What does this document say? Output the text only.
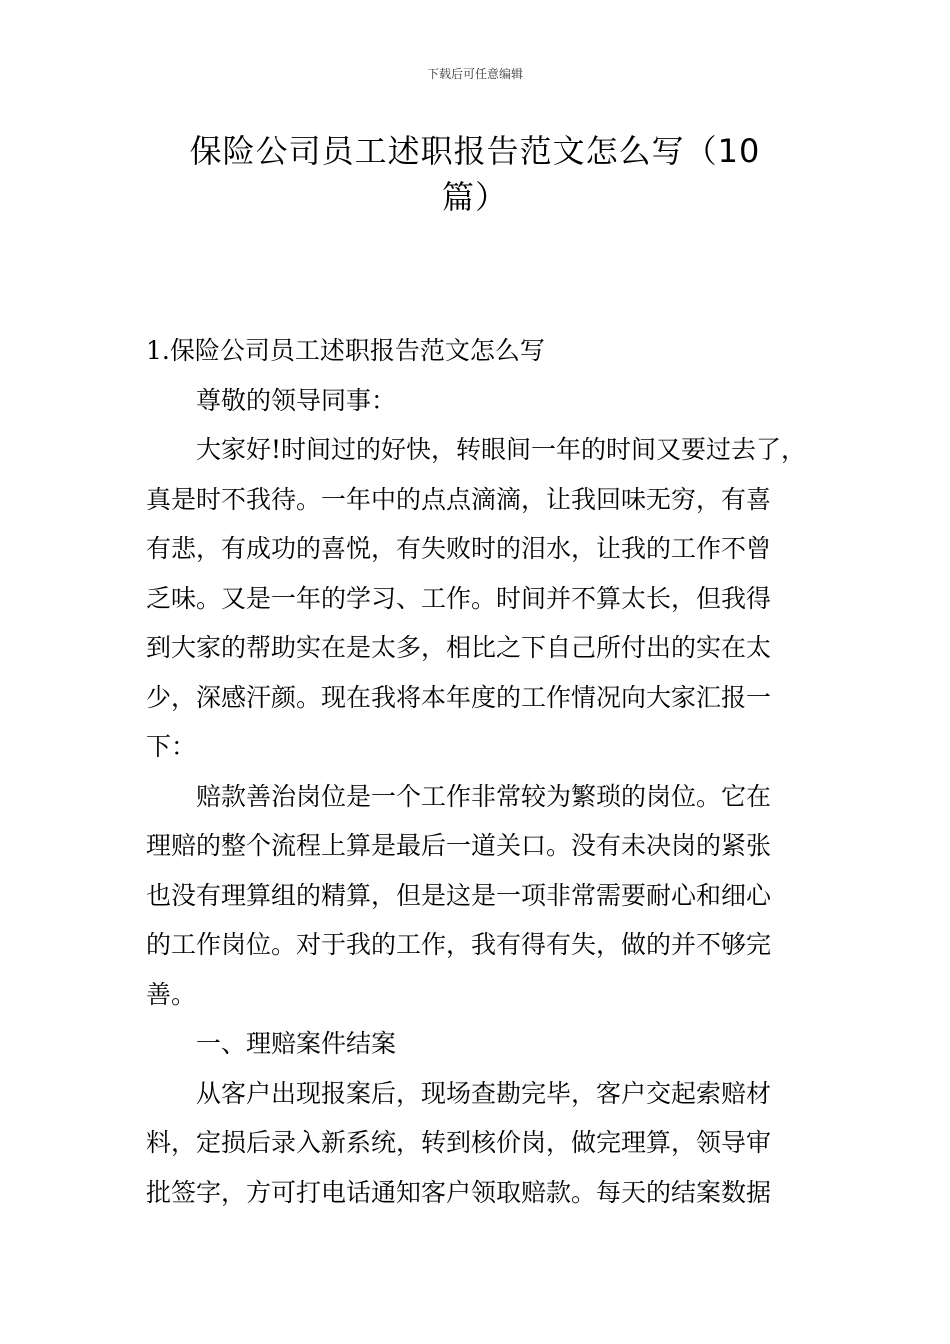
下载后可任意编辑
保险公司员工述职报告范文怎么写（10
篇）

1.保险公司员工述职报告范文怎么写

尊敬的领导同事：

大家好!时间过的好快，转眼间一年的时间又要过去了，
真是时不我待。一年中的点点滴滴，让我回味无穷，有喜
有悲，有成功的喜悦，有失败时的泪水，让我的工作不曾
乏味。又是一年的学习、工作。时间并不算太长，但我得
到大家的帮助实在是太多，相比之下自己所付出的实在太
少，深感汗颜。现在我将本年度的工作情况向大家汇报一
下：

赔款善治岗位是一个工作非常较为繁琐的岗位。它在
理赔的整个流程上算是最后一道关口。没有未决岗的紧张
也没有理算组的精算，但是这是一项非常需要耐心和细心
的工作岗位。对于我的工作，我有得有失，做的并不够完
善。

一、理赔案件结案

从客户出现报案后，现场查勘完毕，客户交起索赔材
料，定损后录入新系统，转到核价岗，做完理算，领导审
批签字，方可打电话通知客户领取赔款。每天的结案数据
